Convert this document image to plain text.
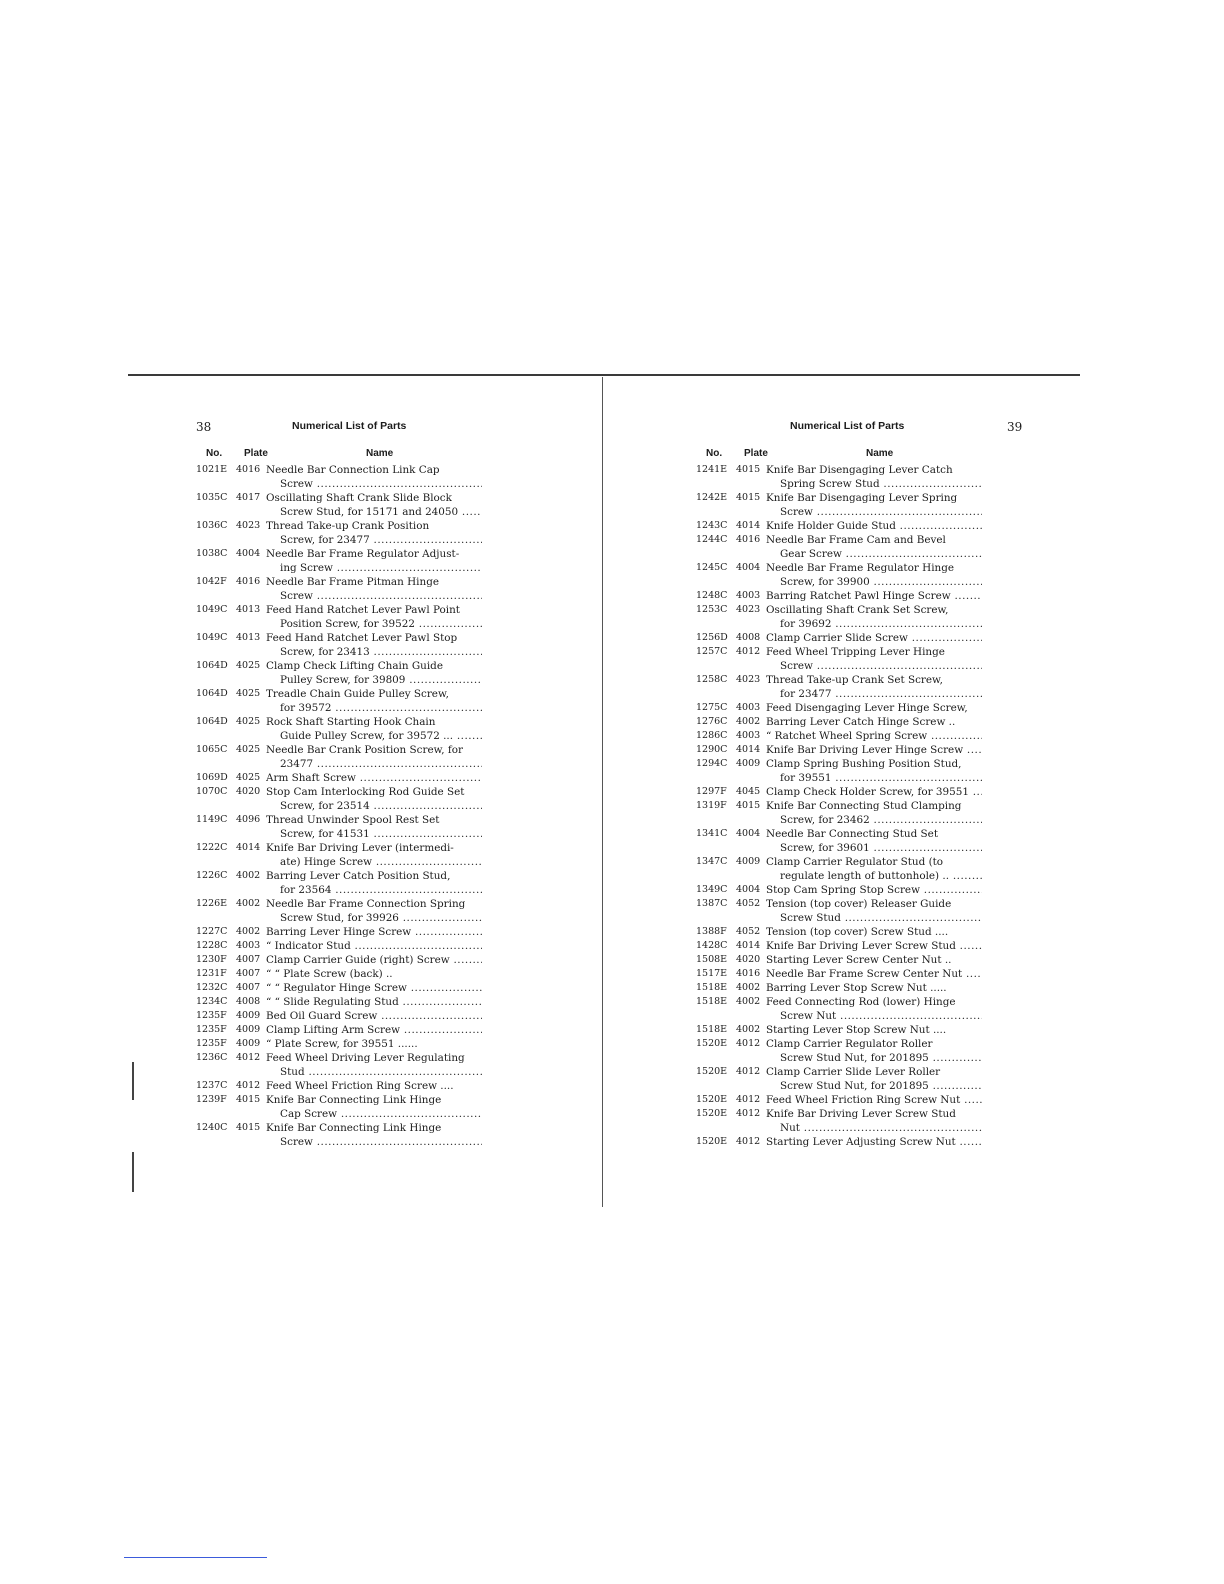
38	Numerical List of Parts
No. Plate	Name
1021E 4016 Needle Bar Connection Link Cap
Screw .....
1035C 4017 Oscillating Shaft Crank Slide Block
Screw Stud, for 15171 and 24050 .....
1036C 4023 Thread Take-up Crank Position
Screw, for 23477 .....
1038C 4004 Needle Bar Frame Regulator Adjust-
ing Screw .....
1042F 4016 Needle Bar Frame Pitman Hinge
Screw .....
1049C 4013 Feed Hand Ratchet Lever Pawl Point
Position Screw, for 39522 .....
1049C 4013 Feed Hand Ratchet Lever Pawl Stop
Screw, for 23413 .....
1064D 4025 Clamp Check Lifting Chain Guide
Pulley Screw, for 39809 .....
1064D 4025 Treadle Chain Guide Pulley Screw,
for 39572 .....
1064D 4025 Rock Shaft Starting Hook Chain
Guide Pulley Screw, for 39572 ... .....
1065C 4025 Needle Bar Crank Position Screw, for
23477 .....
1069D 4025 Arm Shaft Screw .....
1070C 4020 Stop Cam Interlocking Rod Guide Set
Screw, for 23514 .....
1149C 4096 Thread Unwinder Spool Rest Set
Screw, for 41531 .....
1222C 4014 Knife Bar Driving Lever (intermedi-
ate) Hinge Screw .....
1226C 4002 Barring Lever Catch Position Stud,
for 23564 .....
1226E 4002 Needle Bar Frame Connection Spring
Screw Stud, for 39926 .....
1227C 4002 Barring Lever Hinge Screw .....
1228C 4003 “ Indicator Stud .....
1230F 4007 Clamp Carrier Guide (right) Screw .....
1231F 4007 “ “ Plate Screw (back) ..
1232C 4007 “ “ Regulator Hinge Screw .....
1234C 4008 “ “ Slide Regulating Stud .....
1235F 4009 Bed Oil Guard Screw .....
1235F 4009 Clamp Lifting Arm Screw .....
1235F 4009 “ Plate Screw, for 39551 ......
1236C 4012 Feed Wheel Driving Lever Regulating
Stud .....
1237C 4012 Feed Wheel Friction Ring Screw ....
1239F 4015 Knife Bar Connecting Link Hinge
Cap Screw .....
1240C 4015 Knife Bar Connecting Link Hinge
Screw .....
39
Numerical List of Parts
No. Plate	Name
1241E 4015 Knife Bar Disengaging Lever Catch
Spring Screw Stud .....
1242E 4015 Knife Bar Disengaging Lever Spring
Screw .....
1243C 4014 Knife Holder Guide Stud .....
1244C 4016 Needle Bar Frame Cam and Bevel
Gear Screw .....
1245C 4004 Needle Bar Frame Regulator Hinge
Screw, for 39900 .....
1248C 4003 Barring Ratchet Pawl Hinge Screw .....
1253C 4023 Oscillating Shaft Crank Set Screw,
for 39692 .....
1256D 4008 Clamp Carrier Slide Screw .....
1257C 4012 Feed Wheel Tripping Lever Hinge
Screw .....
1258C 4023 Thread Take-up Crank Set Screw,
for 23477 .....
1275C 4003 Feed Disengaging Lever Hinge Screw,
1276C 4002 Barring Lever Catch Hinge Screw ..
1286C 4003 “ Ratchet Wheel Spring Screw .....
1290C 4014 Knife Bar Driving Lever Hinge Screw .....
1294C 4009 Clamp Spring Bushing Position Stud,
for 39551 .....
1297F 4045 Clamp Check Holder Screw, for 39551 .....
1319F 4015 Knife Bar Connecting Stud Clamping
Screw, for 23462 .....
1341C 4004 Needle Bar Connecting Stud Set
Screw, for 39601 .....
1347C 4009 Clamp Carrier Regulator Stud (to
regulate length of buttonhole) .. .....
1349C 4004 Stop Cam Spring Stop Screw .....
1387C 4052 Tension (top cover) Releaser Guide
Screw Stud .....
1388F 4052 Tension (top cover) Screw Stud ....
1428C 4014 Knife Bar Driving Lever Screw Stud .....
1508E 4020 Starting Lever Screw Center Nut ..
1517E 4016 Needle Bar Frame Screw Center Nut .....
1518E 4002 Barring Lever Stop Screw Nut .....
1518E 4002 Feed Connecting Rod (lower) Hinge
Screw Nut .....
1518E 4002 Starting Lever Stop Screw Nut ....
1520E 4012 Clamp Carrier Regulator Roller
Screw Stud Nut, for 201895 .....
1520E 4012 Clamp Carrier Slide Lever Roller
Screw Stud Nut, for 201895 .....
1520E 4012 Feed Wheel Friction Ring Screw Nut .....
1520E 4012 Knife Bar Driving Lever Screw Stud
Nut .....
1520E 4012 Starting Lever Adjusting Screw Nut .....
